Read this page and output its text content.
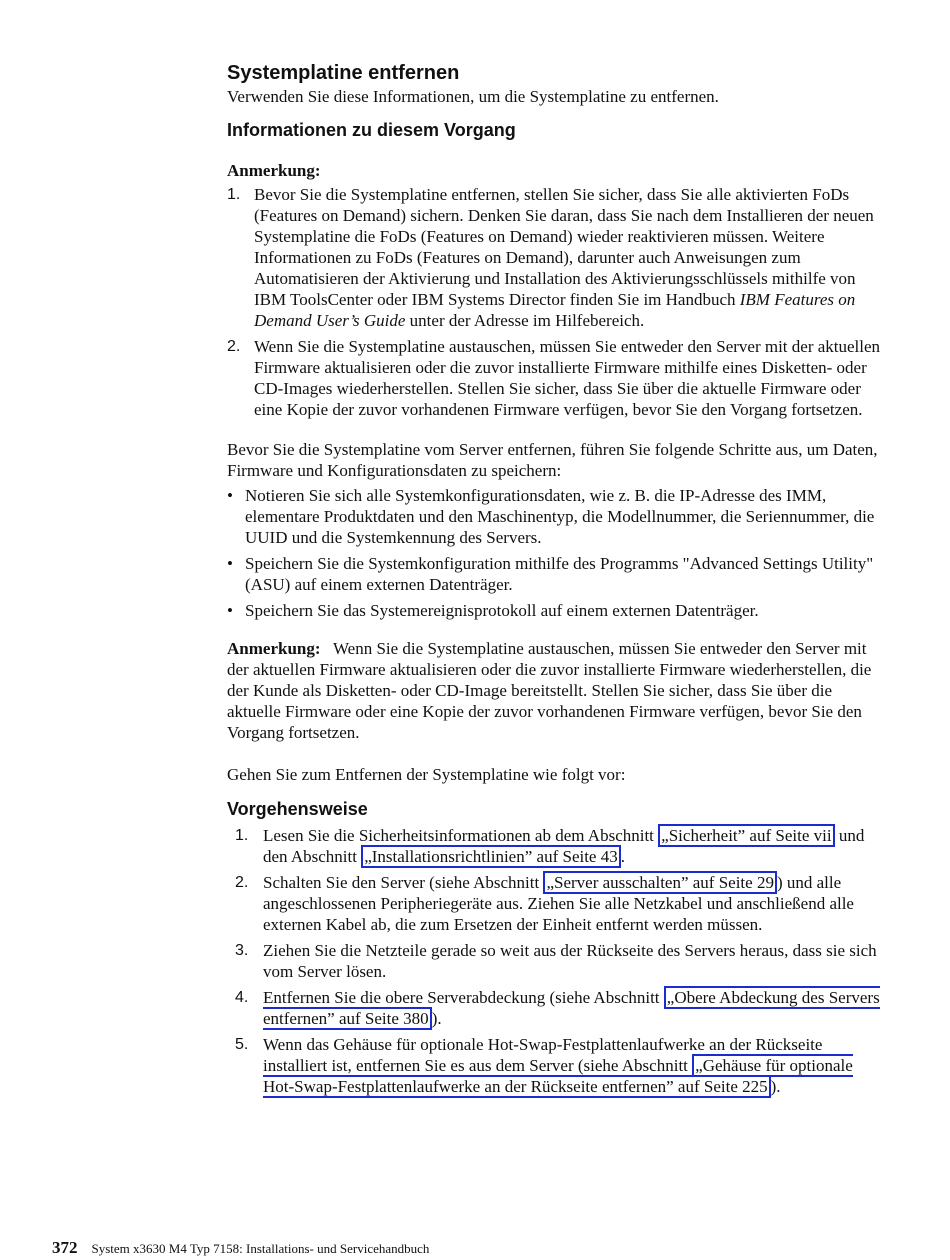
Systemplatine entfernen

Verwenden Sie diese Informationen, um die Systemplatine zu entfernen.

Informationen zu diesem Vorgang

Anmerkung:

1. Bevor Sie die Systemplatine entfernen, stellen Sie sicher, dass Sie alle aktivierten FoDs (Features on Demand) sichern. Denken Sie daran, dass Sie nach dem Installieren der neuen Systemplatine die FoDs (Features on Demand) wieder reaktivieren müssen. Weitere Informationen zu FoDs (Features on Demand), darunter auch Anweisungen zum Automatisieren der Aktivierung und Installation des Aktivierungsschlüssels mithilfe von IBM ToolsCenter oder IBM Systems Director finden Sie im Handbuch IBM Features on Demand User’s Guide unter der Adresse im Hilfebereich.
2. Wenn Sie die Systemplatine austauschen, müssen Sie entweder den Server mit der aktuellen Firmware aktualisieren oder die zuvor installierte Firmware mithilfe eines Disketten- oder CD-Images wiederherstellen. Stellen Sie sicher, dass Sie über die aktuelle Firmware oder eine Kopie der zuvor vorhandenen Firmware verfügen, bevor Sie den Vorgang fortsetzen.

Bevor Sie die Systemplatine vom Server entfernen, führen Sie folgende Schritte aus, um Daten, Firmware und Konfigurationsdaten zu speichern:

• Notieren Sie sich alle Systemkonfigurationsdaten, wie z. B. die IP-Adresse des IMM, elementare Produktdaten und den Maschinentyp, die Modellnummer, die Seriennummer, die UUID und die Systemkennung des Servers.
• Speichern Sie die Systemkonfiguration mithilfe des Programms "Advanced Settings Utility" (ASU) auf einem externen Datenträger.
• Speichern Sie das Systemereignisprotokoll auf einem externen Datenträger.

Anmerkung: Wenn Sie die Systemplatine austauschen, müssen Sie entweder den Server mit der aktuellen Firmware aktualisieren oder die zuvor installierte Firmware wiederherstellen, die der Kunde als Disketten- oder CD-Image bereitstellt. Stellen Sie sicher, dass Sie über die aktuelle Firmware oder eine Kopie der zuvor vorhandenen Firmware verfügen, bevor Sie den Vorgang fortsetzen.

Gehen Sie zum Entfernen der Systemplatine wie folgt vor:

Vorgehensweise
1. Lesen Sie die Sicherheitsinformationen ab dem Abschnitt „Sicherheit” auf Seite vii und den Abschnitt „Installationsrichtlinien” auf Seite 43 .
2. Schalten Sie den Server (siehe Abschnitt „Server ausschalten” auf Seite 29 ) und alle angeschlossenen Peripheriegeräte aus. Ziehen Sie alle Netzkabel und anschließend alle externen Kabel ab, die zum Ersetzen der Einheit entfernt werden müssen.
3. Ziehen Sie die Netzteile gerade so weit aus der Rückseite des Servers heraus, dass sie sich vom Server lösen.
4. Entfernen Sie die obere Serverabdeckung (siehe Abschnitt „Obere Abdeckung des Servers entfernen” auf Seite 380 ).
5. Wenn das Gehäuse für optionale Hot-Swap-Festplattenlaufwerke an der Rückseite installiert ist, entfernen Sie es aus dem Server (siehe Abschnitt „Gehäuse für optionale Hot-Swap-Festplattenlaufwerke an der Rückseite entfernen” auf Seite 225 ).
372 System x3630 M4 Typ 7158: Installations- und Servicehandbuch
